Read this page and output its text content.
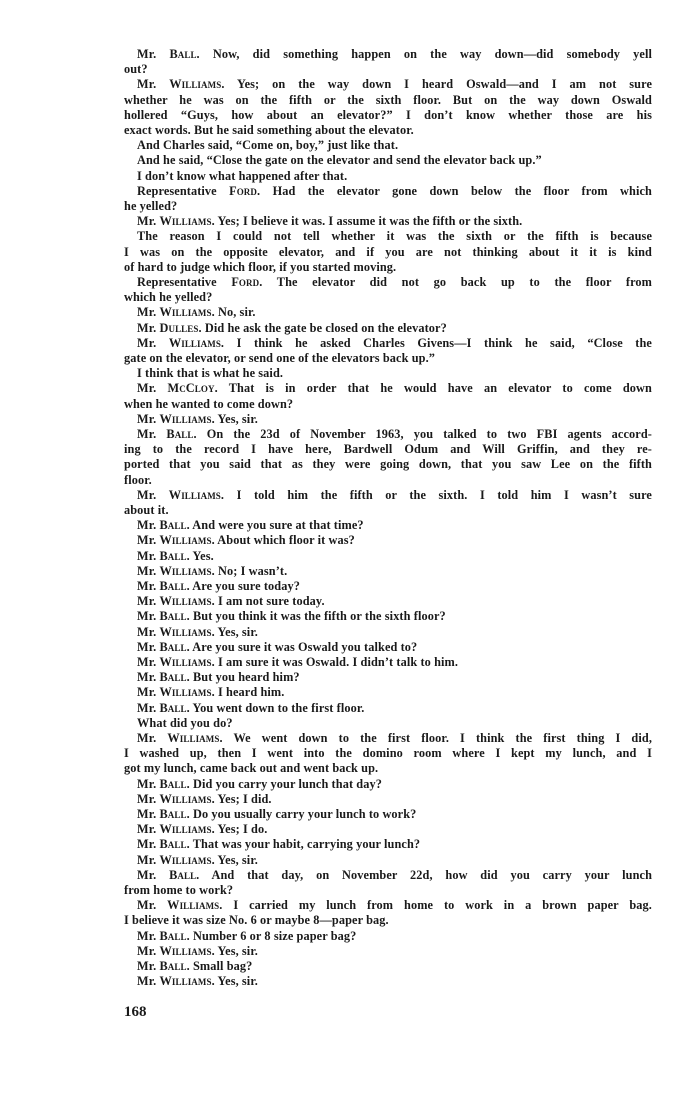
Mr. Ball. Now, did something happen on the way down—did somebody yell
out?
Mr. Williams. Yes; on the way down I heard Oswald—and I am not sure
whether he was on the fifth or the sixth floor. But on the way down Oswald
hollered “Guys, how about an elevator?” I don’t know whether those are his
exact words. But he said something about the elevator.
And Charles said, “Come on, boy,” just like that.
And he said, “Close the gate on the elevator and send the elevator back up.”
I don’t know what happened after that.
Representative Ford. Had the elevator gone down below the floor from which
he yelled?
Mr. Williams. Yes; I believe it was. I assume it was the fifth or the sixth.
The reason I could not tell whether it was the sixth or the fifth is because
I was on the opposite elevator, and if you are not thinking about it it is kind
of hard to judge which floor, if you started moving.
Representative Ford. The elevator did not go back up to the floor from
which he yelled?
Mr. Williams. No, sir.
Mr. Dulles. Did he ask the gate be closed on the elevator?
Mr. Williams. I think he asked Charles Givens—I think he said, “Close the
gate on the elevator, or send one of the elevators back up.”
I think that is what he said.
Mr. McCloy. That is in order that he would have an elevator to come down
when he wanted to come down?
Mr. Williams. Yes, sir.
Mr. Ball. On the 23d of November 1963, you talked to two FBI agents accord-
ing to the record I have here, Bardwell Odum and Will Griffin, and they re-
ported that you said that as they were going down, that you saw Lee on the fifth
floor.
Mr. Williams. I told him the fifth or the sixth. I told him I wasn’t sure
about it.
Mr. Ball. And were you sure at that time?
Mr. Williams. About which floor it was?
Mr. Ball. Yes.
Mr. Williams. No; I wasn’t.
Mr. Ball. Are you sure today?
Mr. Williams. I am not sure today.
Mr. Ball. But you think it was the fifth or the sixth floor?
Mr. Williams. Yes, sir.
Mr. Ball. Are you sure it was Oswald you talked to?
Mr. Williams. I am sure it was Oswald. I didn’t talk to him.
Mr. Ball. But you heard him?
Mr. Williams. I heard him.
Mr. Ball. You went down to the first floor.
What did you do?
Mr. Williams. We went down to the first floor. I think the first thing I did,
I washed up, then I went into the domino room where I kept my lunch, and I
got my lunch, came back out and went back up.
Mr. Ball. Did you carry your lunch that day?
Mr. Williams. Yes; I did.
Mr. Ball. Do you usually carry your lunch to work?
Mr. Williams. Yes; I do.
Mr. Ball. That was your habit, carrying your lunch?
Mr. Williams. Yes, sir.
Mr. Ball. And that day, on November 22d, how did you carry your lunch
from home to work?
Mr. Williams. I carried my lunch from home to work in a brown paper bag.
I believe it was size No. 6 or maybe 8—paper bag.
Mr. Ball. Number 6 or 8 size paper bag?
Mr. Williams. Yes, sir.
Mr. Ball. Small bag?
Mr. Williams. Yes, sir.
168
